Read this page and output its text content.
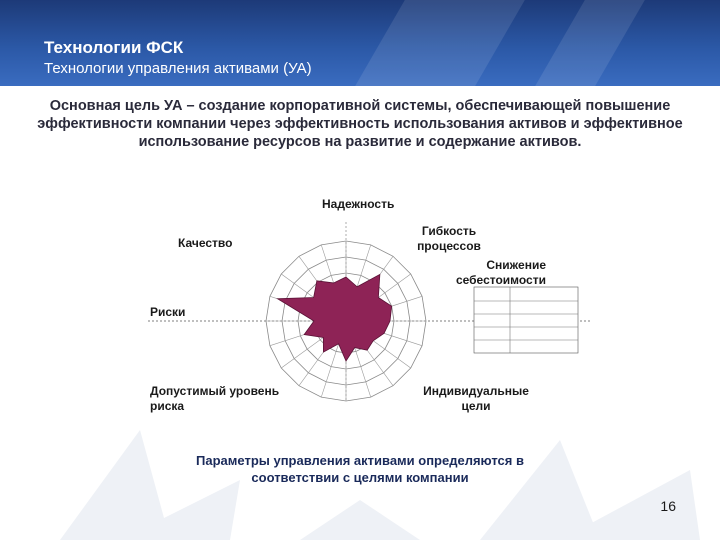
Технологии ФСК
Технологии управления активами (УА)
Основная цель УА – создание корпоративной системы, обеспечивающей повышение эффективности компании через эффективность использования активов и эффективное использование ресурсов на развитие и содержание активов.
Надежность
Качество
Гибкость процессов
Снижение себестоимости
Риски
Допустимый уровень риска
Индивидуальные цели
Параметры управления активами определяются в соответствии с целями компании
16
